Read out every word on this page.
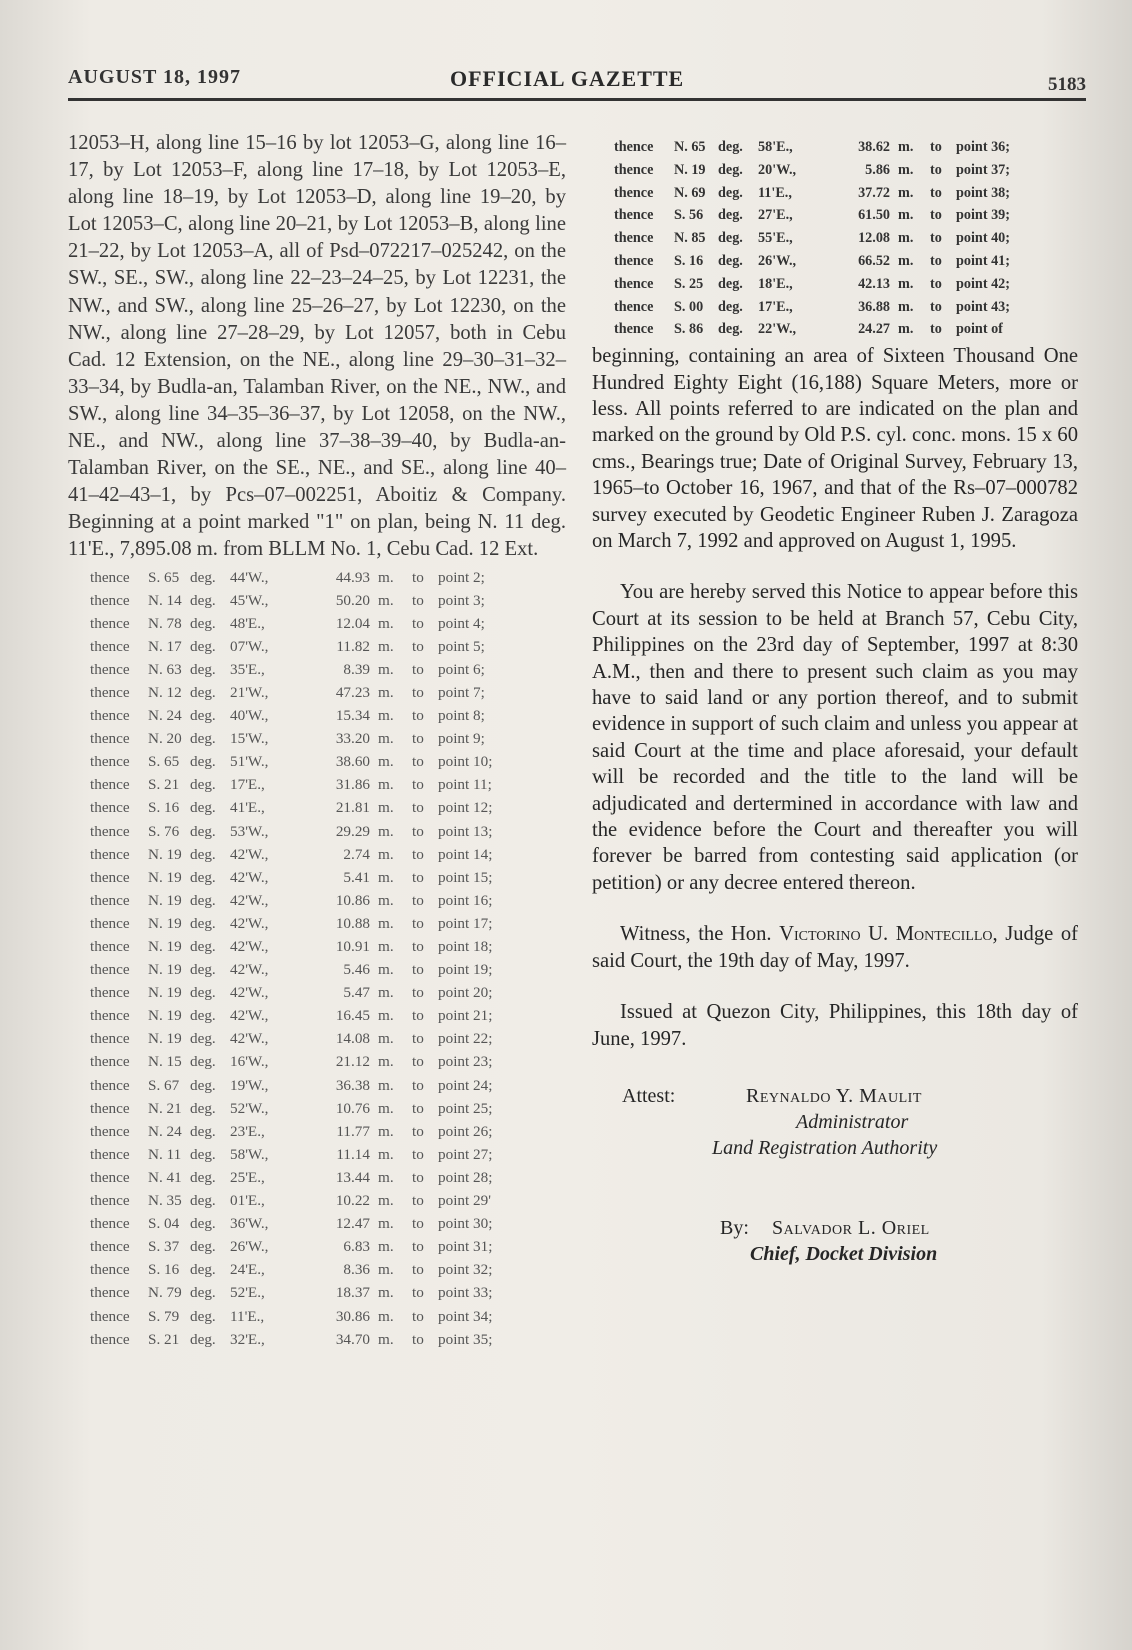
AUGUST 18, 1997	OFFICIAL GAZETTE	5183

12053–H, along line 15–16 by lot 12053–G, along line 16–17, by Lot 12053–F, along line 17–18, by Lot 12053–E, along line 18–19, by Lot 12053–D, along line 19–20, by Lot 12053–C, along line 20–21, by Lot 12053–B, along line 21–22, by Lot 12053–A, all of Psd–072217–025242, on the SW., SE., SW., along line 22–23–24–25, by Lot 12231, the NW., and SW., along line 25–26–27, by Lot 12230, on the NW., along line 27–28–29, by Lot 12057, both in Cebu Cad. 12 Extension, on the NE., along line 29–30–31–32–33–34, by Budla-an, Talamban River, on the NE., NW., and SW., along line 34–35–36–37, by Lot 12058, on the NW., NE., and NW., along line 37–38–39–40, by Budla-an-Talamban River, on the SE., NE., and SE., along line 40–41–42–43–1, by Pcs–07–002251, Aboitiz & Company. Beginning at a point marked "1" on plan, being N. 11 deg. 11'E., 7,895.08 m. from BLLM No. 1, Cebu Cad. 12 Ext.

thence	S. 65 deg. 44'W.,	44.93 m.	to point 2;
thence	N. 14 deg. 45'W.,	50.20 m.	to point 3;
thence	N. 78 deg. 48'E.,	12.04 m.	to point 4;
thence	N. 17 deg. 07'W.,	11.82 m.	to point 5;
thence	N. 63 deg. 35'E.,	8.39 m.	to point 6;
thence	N. 12 deg. 21'W.,	47.23 m.	to point 7;
thence	N. 24 deg. 40'W.,	15.34 m.	to point 8;
thence	N. 20 deg. 15'W.,	33.20 m.	to point 9;
thence	S. 65 deg. 51'W.,	38.60 m.	to point 10;
thence	S. 21 deg. 17'E.,	31.86 m.	to point 11;
thence	S. 16 deg. 41'E.,	21.81 m.	to point 12;
thence	S. 76 deg. 53'W.,	29.29 m.	to point 13;
thence	N. 19 deg. 42'W.,	2.74 m.	to point 14;
thence	N. 19 deg. 42'W.,	5.41 m.	to point 15;
thence	N. 19 deg. 42'W.,	10.86 m.	to point 16;
thence	N. 19 deg. 42'W.,	10.88 m.	to point 17;
thence	N. 19 deg. 42'W.,	10.91 m.	to point 18;
thence	N. 19 deg. 42'W.,	5.46 m.	to point 19;
thence	N. 19 deg. 42'W.,	5.47 m.	to point 20;
thence	N. 19 deg. 42'W.,	16.45 m.	to point 21;
thence	N. 19 deg. 42'W.,	14.08 m.	to point 22;
thence	N. 15 deg. 16'W.,	21.12 m.	to point 23;
thence	S. 67 deg. 19'W.,	36.38 m.	to point 24;
thence	N. 21 deg. 52'W.,	10.76 m.	to point 25;
thence	N. 24 deg. 23'E.,	11.77 m.	to point 26;
thence	N. 11 deg. 58'W.,	11.14 m.	to point 27;
thence	N. 41 deg. 25'E.,	13.44 m.	to point 28;
thence	N. 35 deg. 01'E.,	10.22 m.	to point 29'
thence	S. 04 deg. 36'W.,	12.47 m.	to point 30;
thence	S. 37 deg. 26'W.,	6.83 m.	to point 31;
thence	S. 16 deg. 24'E.,	8.36 m.	to point 32;
thence	N. 79 deg. 52'E.,	18.37 m.	to point 33;
thence	S. 79 deg. 11'E.,	30.86 m.	to point 34;
thence	S. 21 deg. 32'E.,	34.70 m.	to point 35;
thence	N. 65 deg.	58'E.,	38.62 m.	to point 36;
thence	N. 19 deg.	20'W.,	5.86 m.	to point 37;
thence	N. 69 deg.	11'E.,	37.72 m.	to point 38;
thence	S. 56	deg.	27'E.,	61.50 m.	to point 39;
thence	N. 85 deg.	55'E.,	12.08 m.	to point 40;
thence	S. 16	deg.	26'W.,	66.52 m.	to point 41;
thence	S. 25	deg.	18'E.,	42.13 m.	to point 42;
thence	S. 00	deg.	17'E.,	36.88 m.	to point 43;
thence	S. 86	deg.	22'W.,	24.27 m.	to point of

beginning, containing an area of Sixteen Thousand One Hundred Eighty Eight (16,188) Square Meters, more or less. All points referred to are indicated on the plan and marked on the ground by Old P.S. cyl. conc. mons. 15 x 60 cms., Bearings true; Date of Original Survey, February 13, 1965–to October 16, 1967, and that of the Rs–07–000782 survey executed by Geodetic Engineer Ruben J. Zaragoza on March 7, 1992 and approved on August 1, 1995.

You are hereby served this Notice to appear before this Court at its session to be held at Branch 57, Cebu City, Philippines on the 23rd day of September, 1997 at 8:30 A.M., then and there to present such claim as you may have to said land or any portion thereof, and to submit evidence in support of such claim and unless you appear at said Court at the time and place aforesaid, your default will be recorded and the title to the land will be adjudicated and dertermined in accordance with law and the evidence before the Court and thereafter you will forever be barred from contesting said application (or petition) or any decree entered thereon.

Witness, the Hon. Victorino U. Montecillo, Judge of said Court, the 19th day of May, 1997.

Issued at Quezon City, Philippines, this 18th day of June, 1997.

Attest:	Reynaldo Y. Maulit
Administrator
Land Registration Authority
By: Salvador L. Oriel
Chief, Docket Division
